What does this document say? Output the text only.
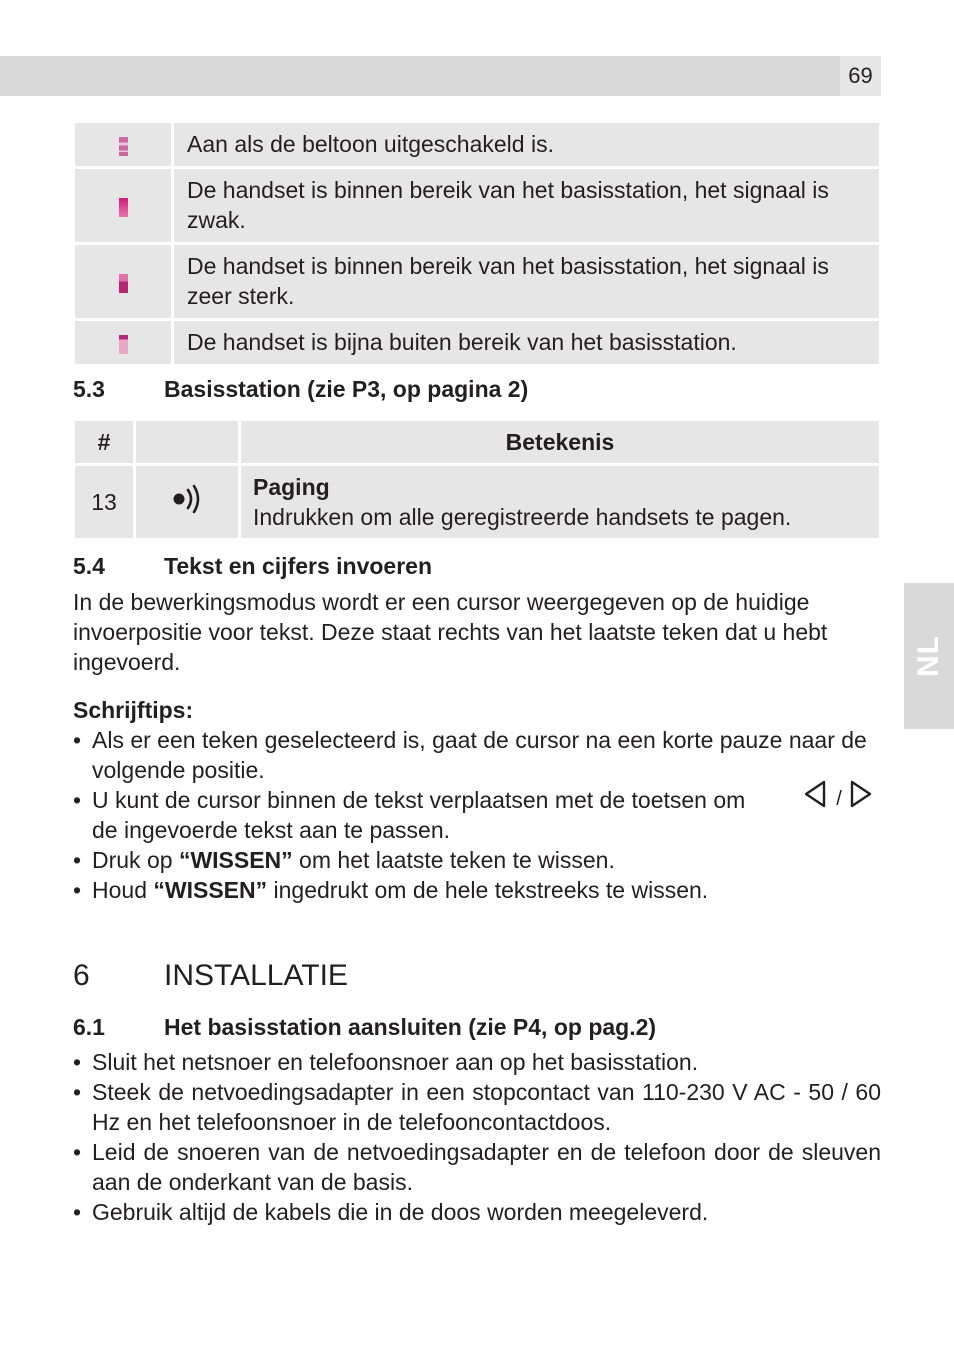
69
NL
	Aan als de beltoon uitgeschakeld is.
	De handset is binnen bereik van het basisstation, het signaal is zwak.
	De handset is binnen bereik van het basisstation, het signaal is zeer sterk.
	De handset is bijna buiten bereik van het basisstation.
5.3	Basisstation (zie P3, op pagina 2)
#		Betekenis
13		Paging
Indrukken om alle geregistreerde handsets te pagen.
5.4	Tekst en cijfers invoeren
In de bewerkingsmodus wordt er een cursor weergegeven op de huidige invoerpositie voor tekst. Deze staat rechts van het laatste teken dat u hebt ingevoerd.
Schrijftips:
• Als er een teken geselecteerd is, gaat de cursor na een korte pauze naar de volgende positie.
• U kunt de cursor binnen de tekst verplaatsen met de toetsen om de ingevoerde tekst aan te passen.
• Druk op “WISSEN” om het laatste teken te wissen.
• Houd “WISSEN” ingedrukt om de hele tekstreeks te wissen.
/
6 INSTALLATIE
6.1	Het basisstation aansluiten (zie P4, op pag.2)
• Sluit het netsnoer en telefoonsnoer aan op het basisstation.
• Steek de netvoedingsadapter in een stopcontact van 110-230 V AC - 50 / 60 Hz en het telefoonsnoer in de telefooncontactdoos.
• Leid de snoeren van de netvoedingsadapter en de telefoon door de sleuven aan de onderkant van de basis.
• Gebruik altijd de kabels die in de doos worden meegeleverd.
